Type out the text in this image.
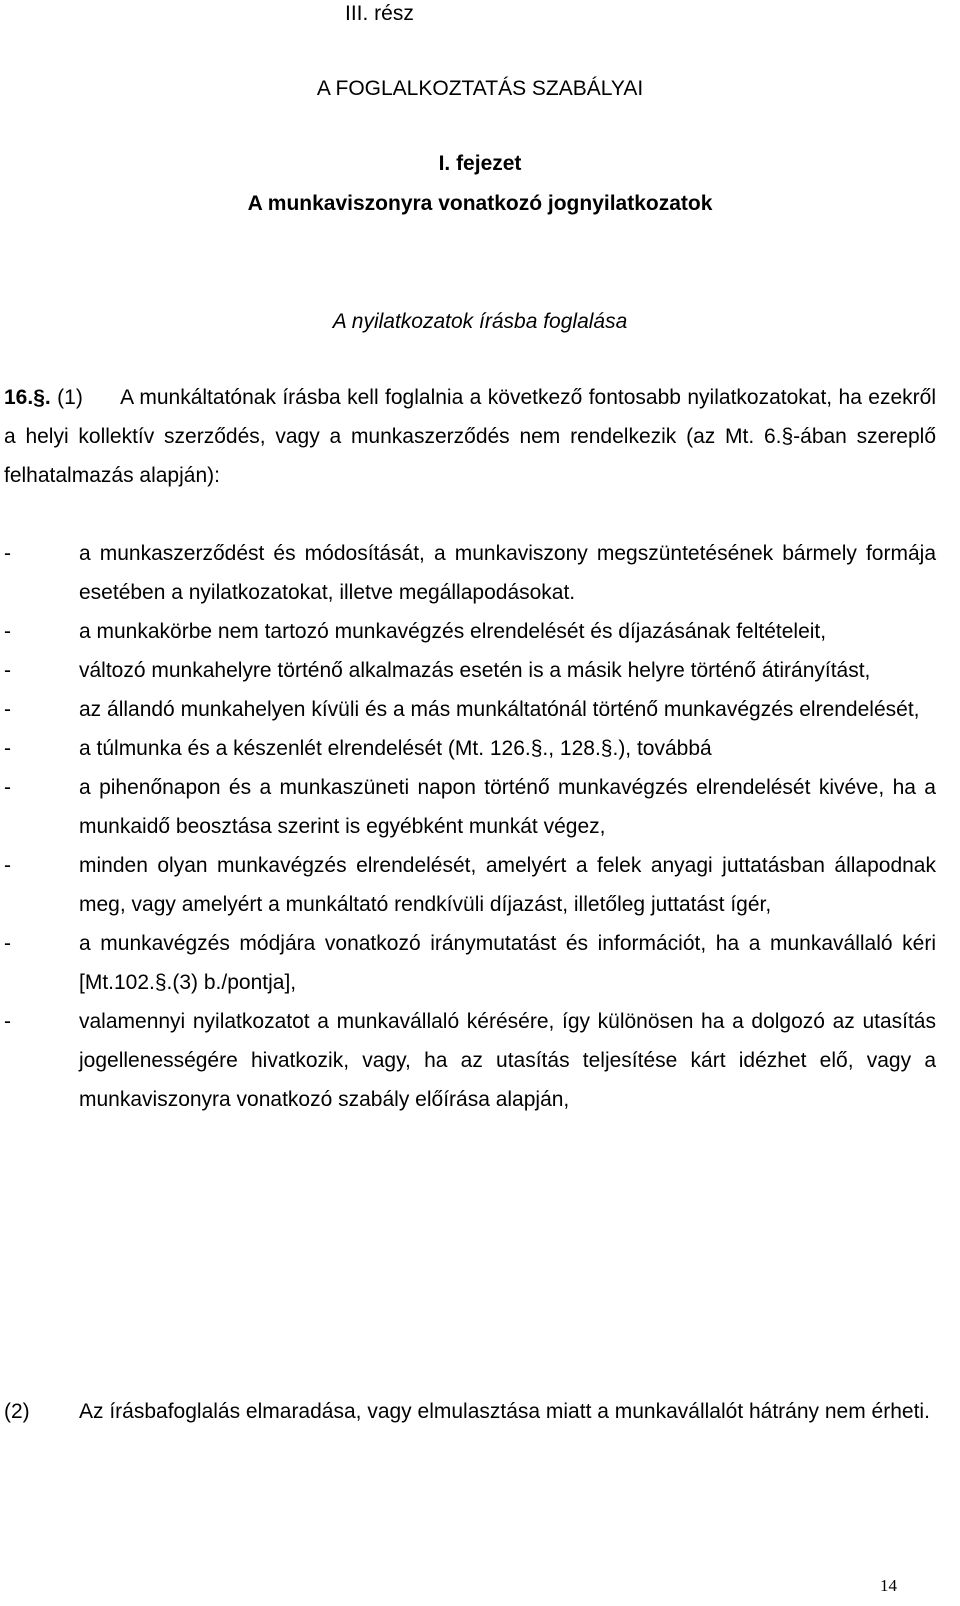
III. rész
A FOGLALKOZTATÁS SZABÁLYAI
I. fejezet
A munkaviszonyra vonatkozó jognyilatkozatok
A nyilatkozatok írásba foglalása
16.§. (1)      A munkáltatónak írásba kell foglalnia a következő fontosabb nyilatkozatokat, ha ezekről a helyi kollektív szerződés, vagy a munkaszerződés nem rendelkezik (az Mt. 6.§-ában szereplő felhatalmazás alapján):
-	a munkaszerződést és módosítását, a munkaviszony megszüntetésének bármely formája esetében a nyilatkozatokat, illetve megállapodásokat.
-	a munkakörbe nem tartozó munkavégzés elrendelését és díjazásának feltételeit,
-	változó munkahelyre történő alkalmazás esetén is a másik helyre történő átirányítást,
-	az állandó munkahelyen kívüli és a más munkáltatónál történő munkavégzés elrendelését,
-	a túlmunka és a készenlét elrendelését (Mt. 126.§., 128.§.), továbbá
-	a pihenőnapon és a munkaszüneti napon történő munkavégzés elrendelését kivéve, ha a munkaidő beosztása szerint is egyébként munkát végez,
-	minden olyan munkavégzés elrendelését, amelyért a felek anyagi juttatásban állapodnak meg, vagy amelyért a munkáltató rendkívüli díjazást, illetőleg juttatást ígér,
-	a munkavégzés módjára vonatkozó iránymutatást és információt, ha a munkavállaló kéri [Mt.102.§.(3) b./pontja],
-	valamennyi nyilatkozatot a munkavállaló kérésére, így különösen ha a dolgozó az utasítás jogellenességére hivatkozik, vagy, ha az utasítás teljesítése kárt idézhet elő, vagy a munkaviszonyra vonatkozó szabály előírása alapján,
(2) Az írásbafoglalás elmaradása, vagy elmulasztása miatt a munkavállalót hátrány nem érheti.
14
